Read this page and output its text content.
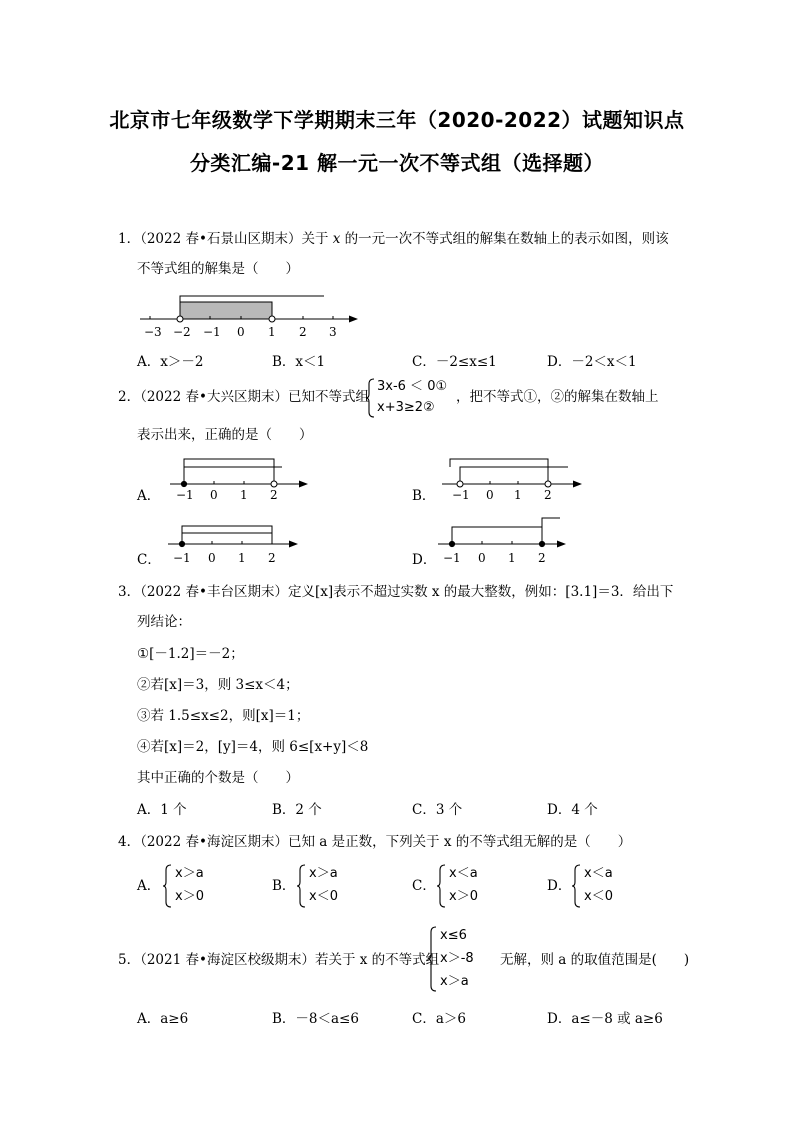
北京市七年级数学下学期期末三年（2020-2022）试题知识点
分类汇编-21 解一元一次不等式组（选择题）
1．（2022 春•石景山区期末）关于 x 的一元一次不等式组的解集在数轴上的表示如图，则该
不等式组的解集是（　　）
−3 −2 −1 0 1 2 3
A．x＞－2	B．x＜1	C．－2≤x≤1	D．－2＜x＜1
2．（2022 春•大兴区期末）已知不等式组
3x-6 ＜ 0①
x+3≥2②
，把不等式①，②的解集在数轴上
表示出来，正确的是（　　）
A． −1 0 1 2	B． −1 0 1 2
C． −1 0 1 2	D． −1 0 1 2
3．（2022 春•丰台区期末）定义[x]表示不超过实数 x 的最大整数，例如：[3.1]＝3．给出下
列结论：
①[－1.2]＝－2；
②若[x]＝3，则 3≤x＜4；
③若 1.5≤x≤2，则[x]＝1；
④若[x]＝2，[y]＝4，则 6≤[x+y]＜8
其中正确的个数是（　　）
A．1 个	B．2 个	C．3 个	D．4 个
4．（2022 春•海淀区期末）已知 a 是正数，下列关于 x 的不等式组无解的是（　　）
A．
x＞a
x＞0
B．
x＞a
x＜0
C．
x＜a
x＞0
D．
x＜a
x＜0
5．（2021 春•海淀区校级期末）若关于 x 的不等式组
x≤6
x＞-8
x＞a
无解，则 a 的取值范围是(　　)
A．a≥6	B．－8＜a≤6	C．a＞6	D．a≤－8 或 a≥6
